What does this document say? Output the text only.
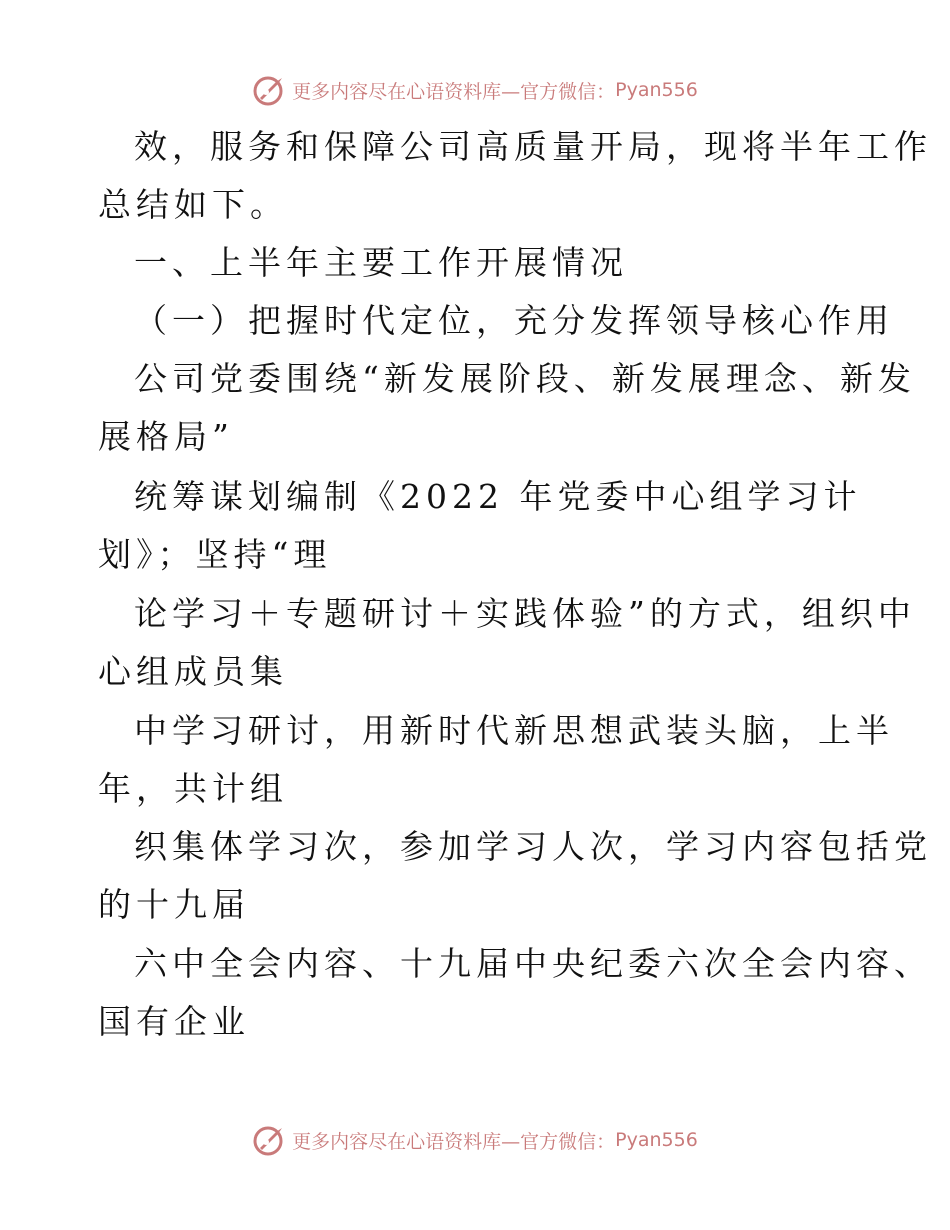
更多内容尽在心语资料库—官方微信： Pyan556
效，服务和保障公司高质量开局，现将半年工作
总结如下。
一、上半年主要工作开展情况
（一）把握时代定位，充分发挥领导核心作用
公司党委围绕“新发展阶段、新发展理念、新发
展格局”
统筹谋划编制《2022 年党委中心组学习计
划》；坚持“理
论学习＋专题研讨＋实践体验”的方式，组织中
心组成员集
中学习研讨，用新时代新思想武装头脑，上半
年，共计组
织集体学习次，参加学习人次，学习内容包括党
的十九届
六中全会内容、十九届中央纪委六次全会内容、
国有企业
更多内容尽在心语资料库—官方微信： Pyan556
